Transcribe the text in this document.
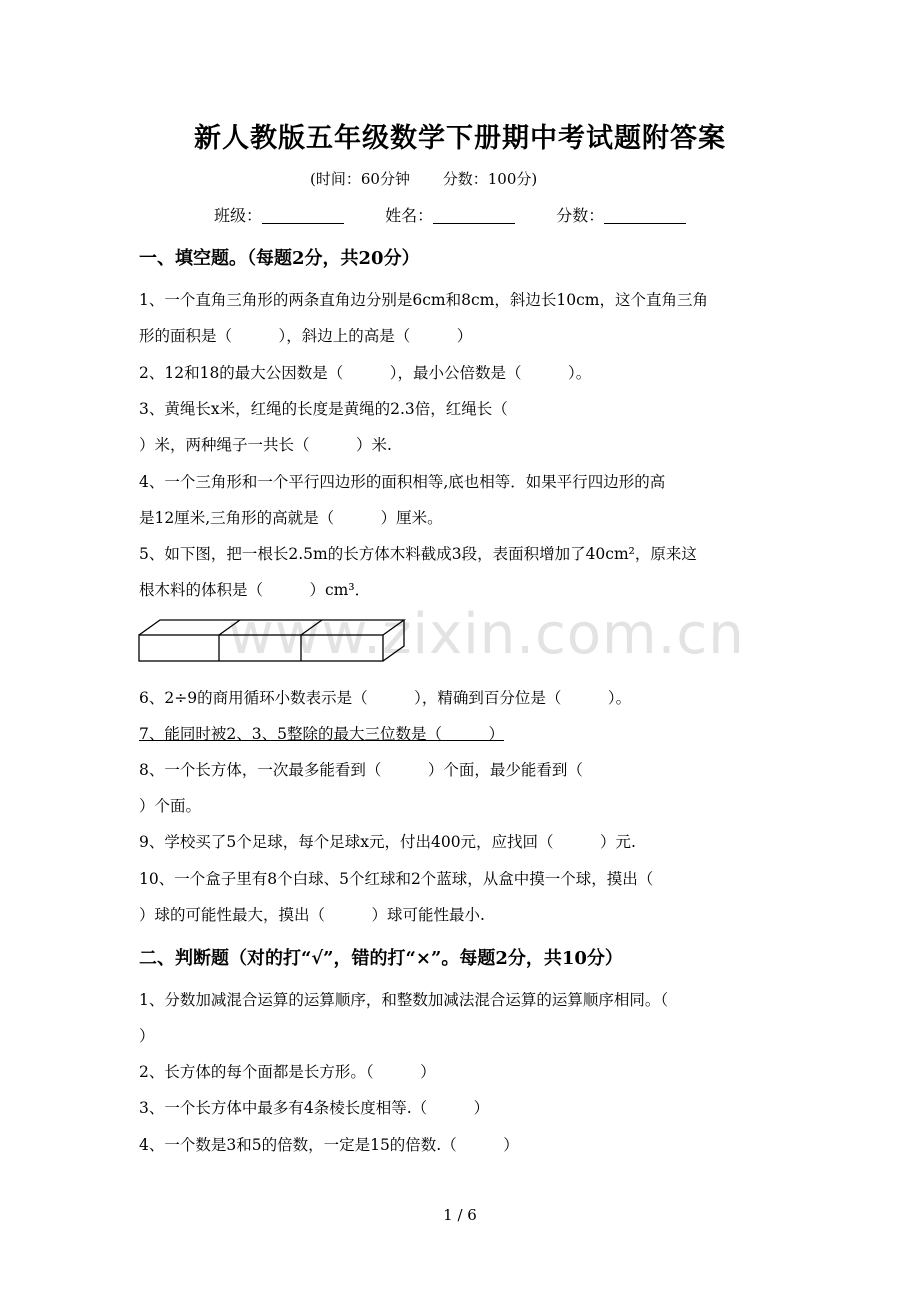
新人教版五年级数学下册期中考试题附答案
(时间：60分钟 分数：100分)
班级：	姓名：	分数：
一、填空题。（每题2分，共20分）
1、一个直角三角形的两条直角边分别是6cm和8cm，斜边长10cm，这个直角三角
形的面积是（　　　），斜边上的高是（　　　）
2、12和18的最大公因数是（　　　），最小公倍数是（　　　）。
3、黄绳长x米，红绳的长度是黄绳的2.3倍，红绳长（
）米，两种绳子一共长（　　　）米.
4、一个三角形和一个平行四边形的面积相等,底也相等．如果平行四边形的高
是12厘米,三角形的高就是（　　　）厘米。
5、如下图，把一根长2.5m的长方体木料截成3段，表面积增加了40cm²，原来这
根木料的体积是（　　　）cm³．
www.zixin.com.cn
6、2÷9的商用循环小数表示是（　　　），精确到百分位是（　　　）。
7、能同时被2、3、5整除的最大三位数是（　　　）
8、一个长方体，一次最多能看到（　　　）个面，最少能看到（
）个面。
9、学校买了5个足球，每个足球x元，付出400元，应找回（　　　）元.
10、一个盒子里有8个白球、5个红球和2个蓝球，从盒中摸一个球，摸出（
）球的可能性最大，摸出（　　　）球可能性最小.
二、判断题（对的打“√”，错的打“×”。每题2分，共10分）
1、分数加减混合运算的运算顺序，和整数加减法混合运算的运算顺序相同。（
）
2、长方体的每个面都是长方形。（　　　）
3、一个长方体中最多有4条棱长度相等.（　　　）
4、一个数是3和5的倍数，一定是15的倍数.（　　　）
1 / 6
